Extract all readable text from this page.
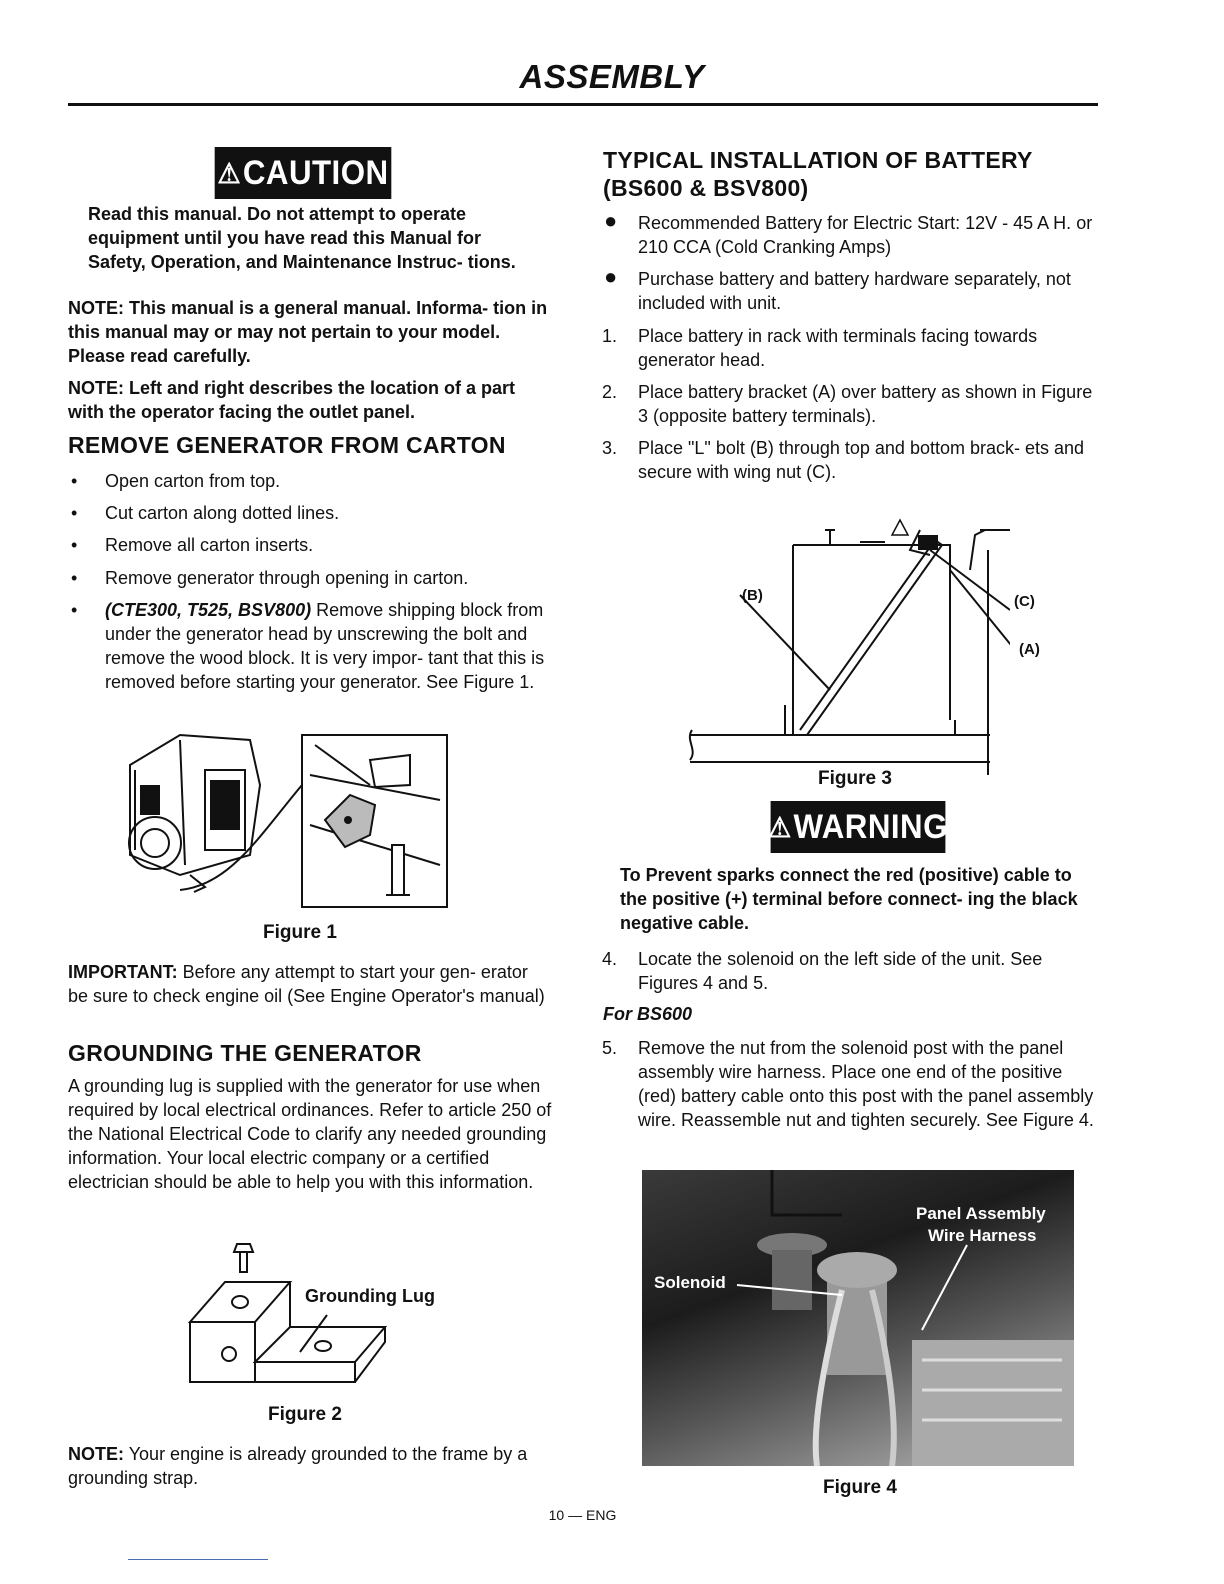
ASSEMBLY
⚠ CAUTION
Read this manual. Do not attempt to operate equipment until you have read this Manual for Safety, Operation, and Maintenance Instruc- tions.
NOTE: This manual is a general manual. Informa- tion in this manual may or may not pertain to your model. Please read carefully.
NOTE: Left and right describes the location of a part with the operator facing the outlet panel.
REMOVE GENERATOR FROM CARTON
• Open carton from top.
• Cut carton along dotted lines.
• Remove all carton inserts.
• Remove generator through opening in carton.
• (CTE300, T525, BSV800) Remove shipping block from under the generator head by unscrewing the bolt and remove the wood block. It is very impor- tant that this is removed before starting your generator. See Figure 1.
Figure 1
IMPORTANT: Before any attempt to start your gen- erator be sure to check engine oil (See Engine Operator's manual)
GROUNDING THE GENERATOR
A grounding lug is supplied with the generator for use when required by local electrical ordinances. Refer to article 250 of the National Electrical Code to clarify any needed grounding information. Your local electric company or a certified electrician should be able to help you with this information.
Grounding Lug
Figure 2
NOTE: Your engine is already grounded to the frame by a grounding strap.
TYPICAL INSTALLATION OF BATTERY
(BS600 & BSV800)
● Recommended Battery for Electric Start: 12V - 45 A H. or 210 CCA (Cold Cranking Amps)
● Purchase battery and battery hardware separately, not included with unit.
1. Place battery in rack with terminals facing towards generator head.
2. Place battery bracket (A) over battery as shown in Figure 3 (opposite battery terminals).
3. Place "L" bolt (B) through top and bottom brack- ets and secure with wing nut (C).
(B)	(C)
(A)
Figure 3
⚠ WARNING
To Prevent sparks connect the red (positive) cable to the positive (+) terminal before connect- ing the black negative cable.
4. Locate the solenoid on the left side of the unit. See Figures 4 and 5.
For BS600
5. Remove the nut from the solenoid post with the panel assembly wire harness. Place one end of the positive (red) battery cable onto this post with the panel assembly wire. Reassemble nut and tighten securely. See Figure 4.
Panel Assembly
Wire Harness
Solenoid
Figure 4
10 — ENG
